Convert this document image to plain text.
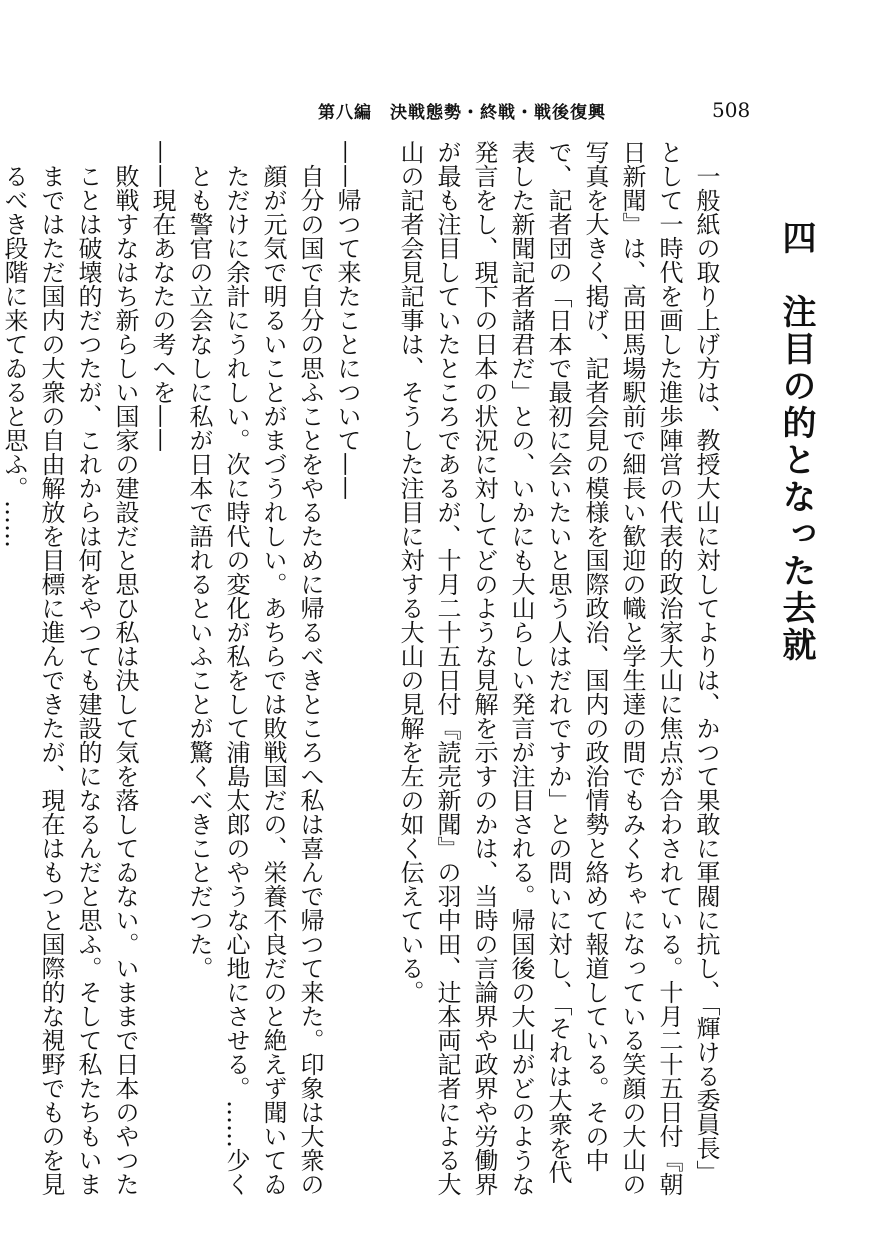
第八編　決戦態勢・終戦・戦後復興	508
四　注目の的となった去就

一般紙の取り上げ方は、教授大山に対してよりは、かつて果敢に軍閥に抗し、「輝ける委員長」として一時代を画した進歩陣営の代表的政治家大山に焦点が合わされている。十月二十五日付『朝日新聞』は、高田馬場駅前で細長い歓迎の幟と学生達の間でもみくちゃになっている笑顔の大山の写真を大きく掲げ、記者会見の模様を国際政治、国内の政治情勢と絡めて報道している。その中で、記者団の「日本で最初に会いたいと思う人はだれですか」との問いに対し、「それは大衆を代表した新聞記者諸君だ」との、いかにも大山らしい発言が注目される。帰国後の大山がどのような発言をし、現下の日本の状況に対してどのような見解を示すのかは、当時の言論界や政界や労働界が最も注目していたところであるが、十月二十五日付『読売新聞』の羽中田、辻本両記者による大山の記者会見記事は、そうした注目に対する大山の見解を左の如く伝えている。

——帰つて来たことについて——

自分の国で自分の思ふことをやるために帰るべきところへ私は喜んで帰つて来た。印象は大衆の顔が元気で明るいことがまづうれしい。あちらでは敗戦国だの、栄養不良だのと絶えず聞いてゐただけに余計にうれしい。次に時代の変化が私をして浦島太郎のやうな心地にさせる。……少くとも警官の立会なしに私が日本で語れるといふことが驚くべきことだつた。

——現在あなたの考へを——

敗戦すなはち新らしい国家の建設だと思ひ私は決して気を落してゐない。いままで日本のやつたことは破壊的だつたが、これからは何をやつても建設的になるんだと思ふ。そして私たちもいままではただ国内の大衆の自由解放を目標に進んできたが、現在はもつと国際的な視野でものを見るべき段階に来てゐると思ふ。……
